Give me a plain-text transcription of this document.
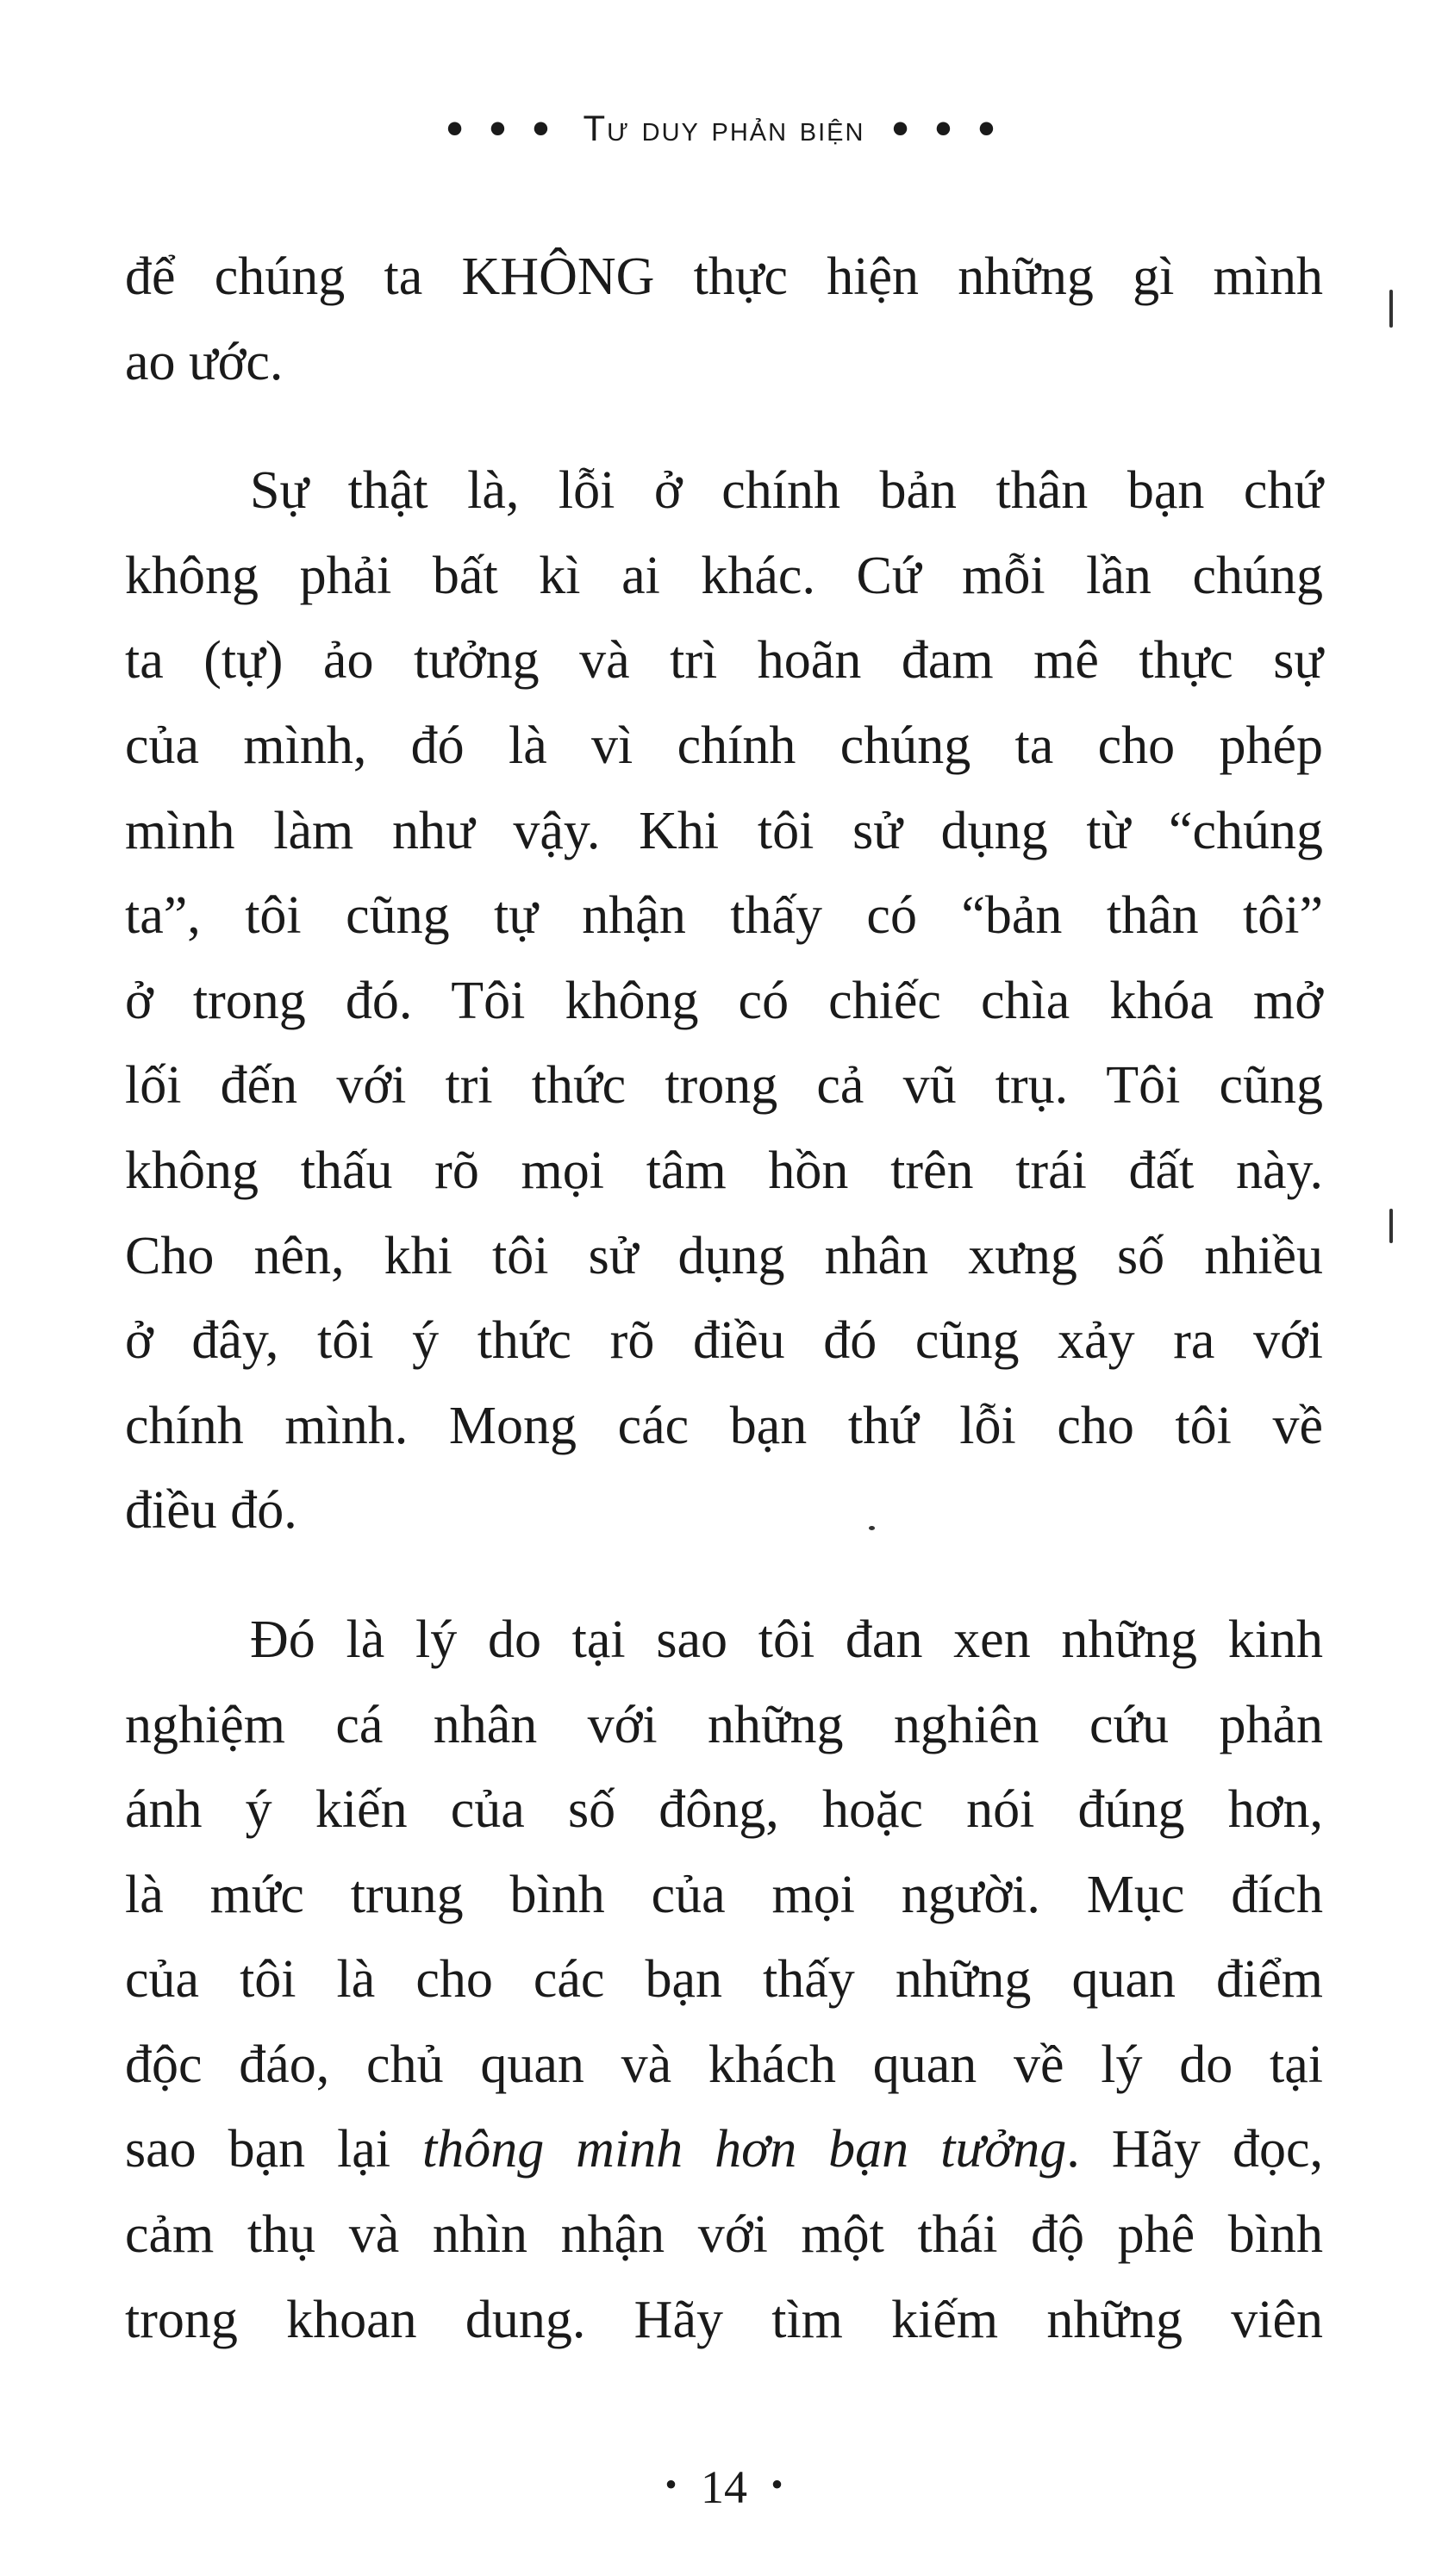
• • • Tư duy phản biện • • •
để chúng ta KHÔNG thực hiện những gì mình
ao ước.
Sự thật là, lỗi ở chính bản thân bạn chứ
không phải bất kì ai khác. Cứ mỗi lần chúng
ta (tự) ảo tưởng và trì hoãn đam mê thực sự
của mình, đó là vì chính chúng ta cho phép
mình làm như vậy. Khi tôi sử dụng từ “chúng
ta”, tôi cũng tự nhận thấy có “bản thân tôi”
ở trong đó. Tôi không có chiếc chìa khóa mở
lối đến với tri thức trong cả vũ trụ. Tôi cũng
không thấu rõ mọi tâm hồn trên trái đất này.
Cho nên, khi tôi sử dụng nhân xưng số nhiều
ở đây, tôi ý thức rõ điều đó cũng xảy ra với
chính mình. Mong các bạn thứ lỗi cho tôi về
điều đó.
Đó là lý do tại sao tôi đan xen những kinh
nghiệm cá nhân với những nghiên cứu phản
ánh ý kiến của số đông, hoặc nói đúng hơn,
là mức trung bình của mọi người. Mục đích
của tôi là cho các bạn thấy những quan điểm
độc đáo, chủ quan và khách quan về lý do tại
sao bạn lại thông minh hơn bạn tưởng. Hãy đọc,
cảm thụ và nhìn nhận với một thái độ phê bình
trong khoan dung. Hãy tìm kiếm những viên
• 14 •
